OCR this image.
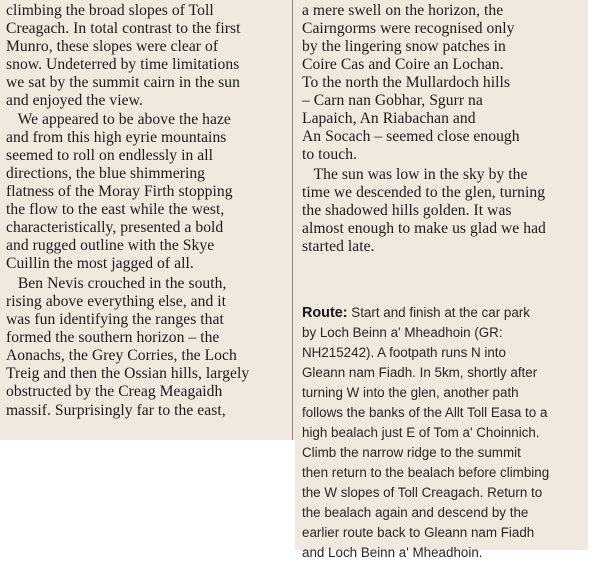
climbing the broad slopes of Toll
Creagach. In total contrast to the first
Munro, these slopes were clear of
snow. Undeterred by time limitations
we sat by the summit cairn in the sun
and enjoyed the view.
We appeared to be above the haze
and from this high eyrie mountains
seemed to roll on endlessly in all
directions, the blue shimmering
flatness of the Moray Firth stopping
the flow to the east while the west,
characteristically, presented a bold
and rugged outline with the Skye
Cuillin the most jagged of all.
Ben Nevis crouched in the south,
rising above everything else, and it
was fun identifying the ranges that
formed the southern horizon – the
Aonachs, the Grey Corries, the Loch
Treig and then the Ossian hills, largely
obstructed by the Creag Meagaidh
massif. Surprisingly far to the east,
a mere swell on the horizon, the
Cairngorms were recognised only
by the lingering snow patches in
Coire Cas and Coire an Lochan.
To the north the Mullardoch hills
– Carn nan Gobhar, Sgurr na
Lapaich, An Riabachan and
An Socach – seemed close enough
to touch.
The sun was low in the sky by the
time we descended to the glen, turning
the shadowed hills golden. It was
almost enough to make us glad we had
started late.
Route: Start and finish at the car park
by Loch Beinn a' Mheadhoin (GR:
NH215242). A footpath runs N into
Gleann nam Fiadh. In 5km, shortly after
turning W into the glen, another path
follows the banks of the Allt Toll Easa to a
high bealach just E of Tom a' Choinnich.
Climb the narrow ridge to the summit
then return to the bealach before climbing
the W slopes of Toll Creagach. Return to
the bealach again and descend by the
earlier route back to Gleann nam Fiadh
and Loch Beinn a' Mheadhoin.
